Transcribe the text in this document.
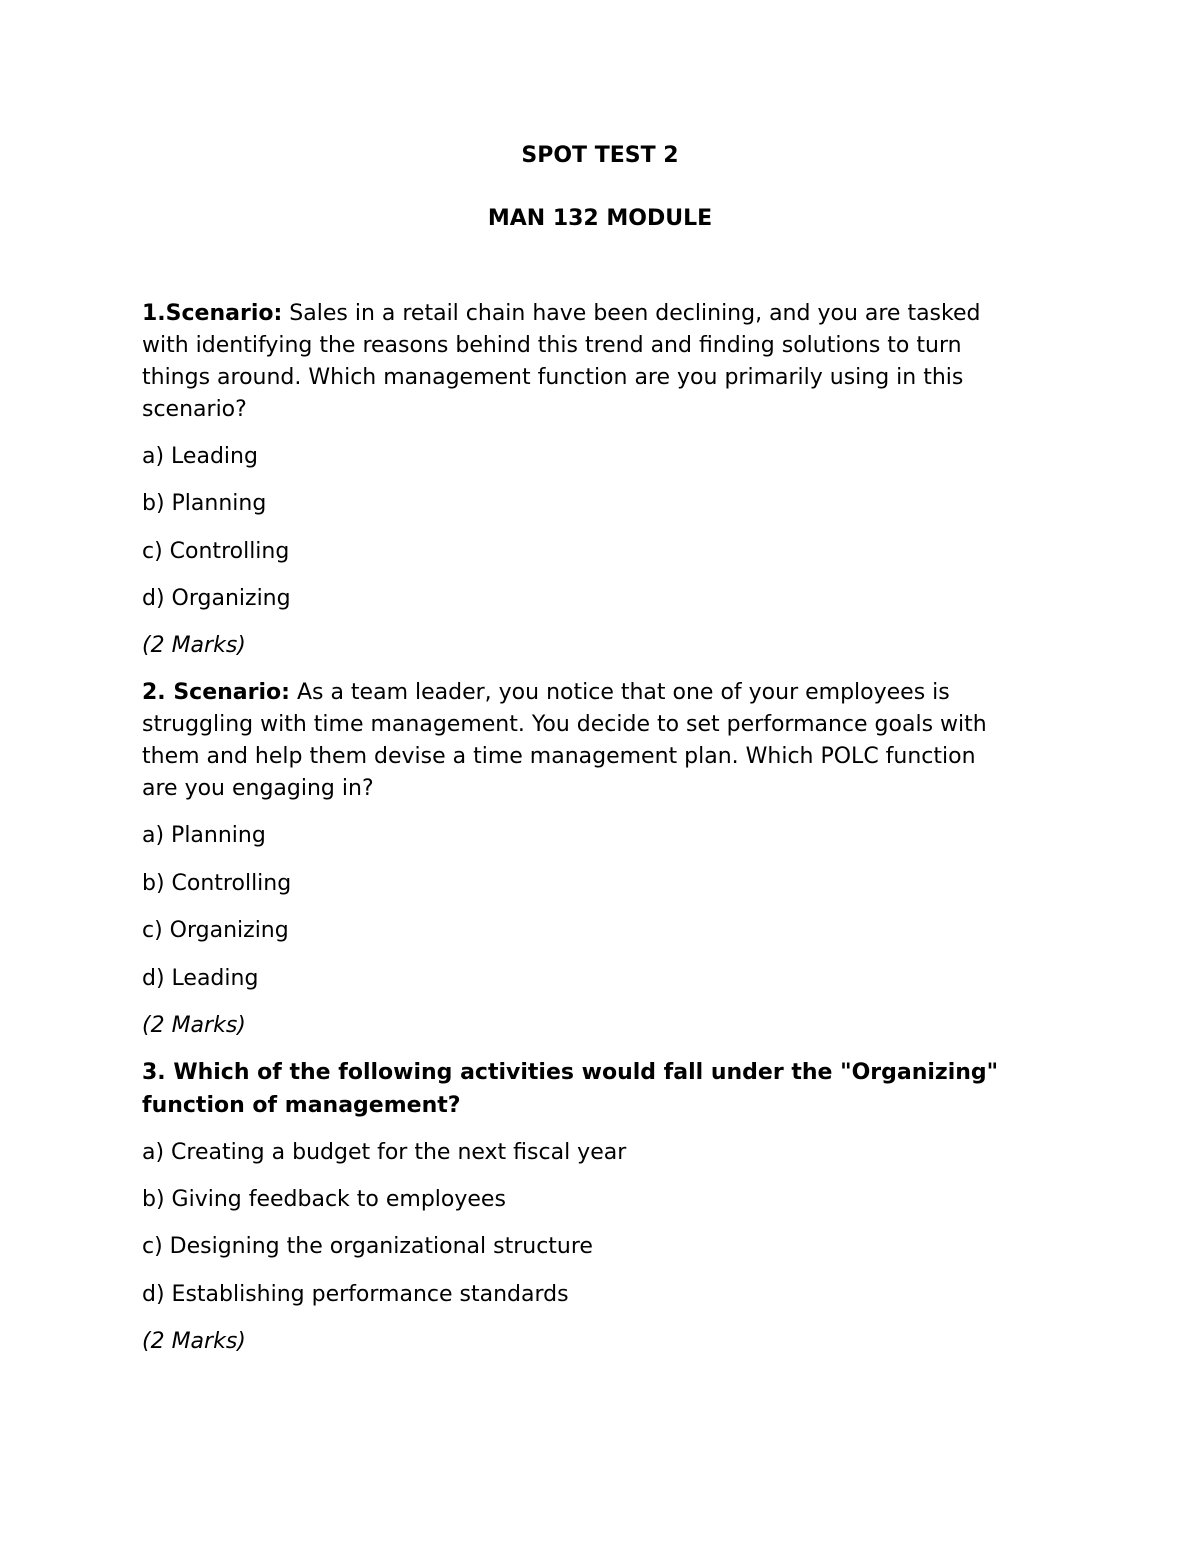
SPOT TEST 2
MAN 132 MODULE
1.Scenario: Sales in a retail chain have been declining, and you are tasked
with identifying the reasons behind this trend and finding solutions to turn
things around. Which management function are you primarily using in this
scenario?
a) Leading
b) Planning
c) Controlling
d) Organizing
(2 Marks)
2. Scenario: As a team leader, you notice that one of your employees is
struggling with time management. You decide to set performance goals with
them and help them devise a time management plan. Which POLC function
are you engaging in?
a) Planning
b) Controlling
c) Organizing
d) Leading
(2 Marks)
3. Which of the following activities would fall under the "Organizing"
function of management?
a) Creating a budget for the next fiscal year
b) Giving feedback to employees
c) Designing the organizational structure
d) Establishing performance standards
(2 Marks)
